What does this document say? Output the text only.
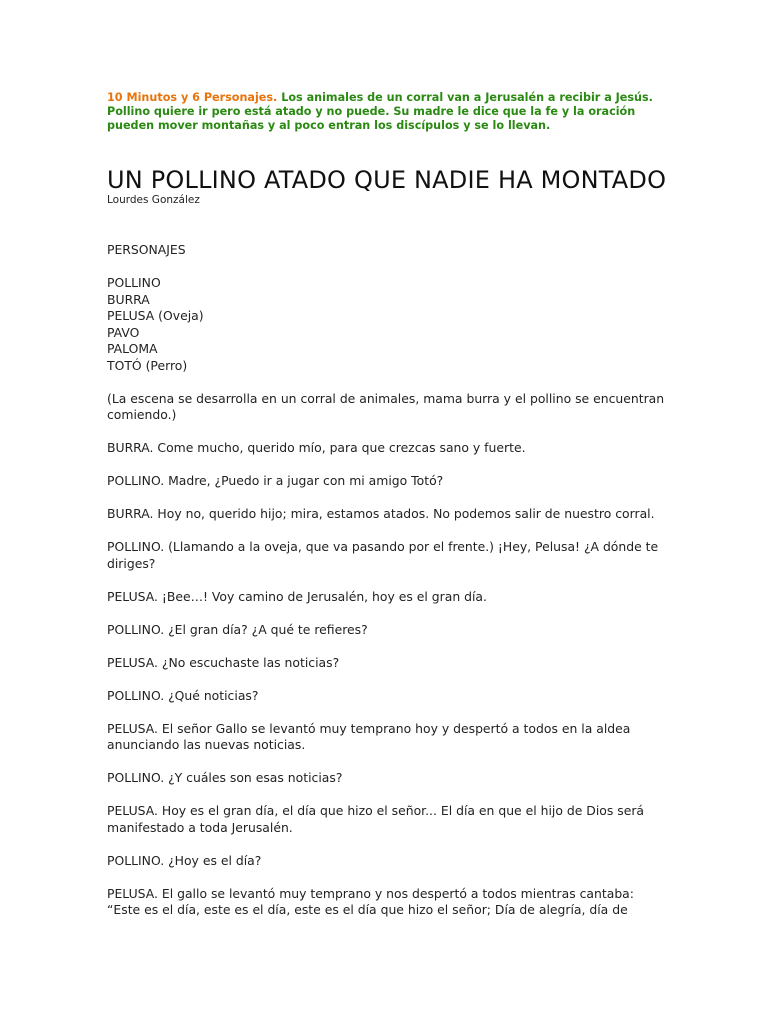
10 Minutos y 6 Personajes. Los animales de un corral van a Jerusalén a recibir a Jesús. Pollino quiere ir pero está atado y no puede. Su madre le dice que la fe y la oración pueden mover montañas y al poco entran los discípulos y se lo llevan.
UN POLLINO ATADO QUE NADIE HA MONTADO
Lourdes González

PERSONAJES

POLLINO
BURRA
PELUSA (Oveja)
PAVO
PALOMA
TOTÓ (Perro)

(La escena se desarrolla en un corral de animales, mama burra y el pollino se encuentran comiendo.)

BURRA. Come mucho, querido mío, para que crezcas sano y fuerte.

POLLINO. Madre, ¿Puedo ir a jugar con mi amigo Totó?

BURRA. Hoy no, querido hijo; mira, estamos atados. No podemos salir de nuestro corral.

POLLINO. (Llamando a la oveja, que va pasando por el frente.) ¡Hey, Pelusa! ¿A dónde te diriges?

PELUSA. ¡Bee…! Voy camino de Jerusalén, hoy es el gran día.

POLLINO. ¿El gran día? ¿A qué te refieres?

PELUSA. ¿No escuchaste las noticias?

POLLINO. ¿Qué noticias?

PELUSA. El señor Gallo se levantó muy temprano hoy y despertó a todos en la aldea anunciando las nuevas noticias.

POLLINO. ¿Y cuáles son esas noticias?

PELUSA. Hoy es el gran día, el día que hizo el señor... El día en que el hijo de Dios será manifestado a toda Jerusalén.

POLLINO. ¿Hoy es el día?

PELUSA. El gallo se levantó muy temprano y nos despertó a todos mientras cantaba: “Este es el día, este es el día, este es el día que hizo el señor; Día de alegría, día de
